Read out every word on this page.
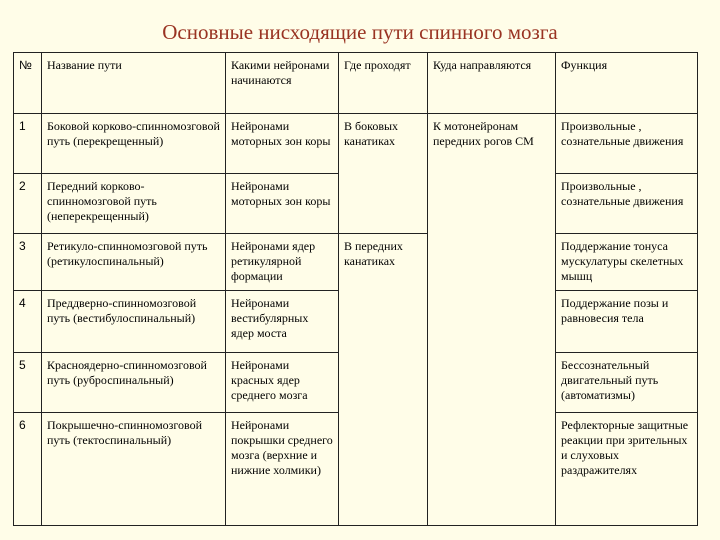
Основные нисходящие пути спинного мозга
№	Название пути	Какими нейронами начинаются	Где проходят	Куда направляются	Функция
1	Боковой корково-спинномозговой путь (перекрещенный)	Нейронами моторных зон коры	В боковых канатиках	К мотонейронам передних рогов СМ	Произвольные , сознательные движения
2	Передний корково-спинномозговой путь (неперекрещенный)	Нейронами моторных зон коры			Произвольные , сознательные движения
3	Ретикуло-спинномозговой путь (ретикулоспинальный)	Нейронами ядер ретикулярной формации	В передних канатиках		Поддержание тонуса мускулатуры скелетных мышц
4	Преддверно-спинномозговой путь (вестибулоспинальный)	Нейронами вестибулярных ядер моста			Поддержание позы и равновесия тела
5	Красноядерно-спинномозговой путь (руброспинальный)	Нейронами красных ядер среднего мозга			Бессознательный двигательный путь (автоматизмы)
6	Покрышечно-спинномозговой путь (тектоспинальный)	Нейронами покрышки среднего мозга (верхние и нижние холмики)			Рефлекторные защитные реакции при зрительных и слуховых раздражителях
